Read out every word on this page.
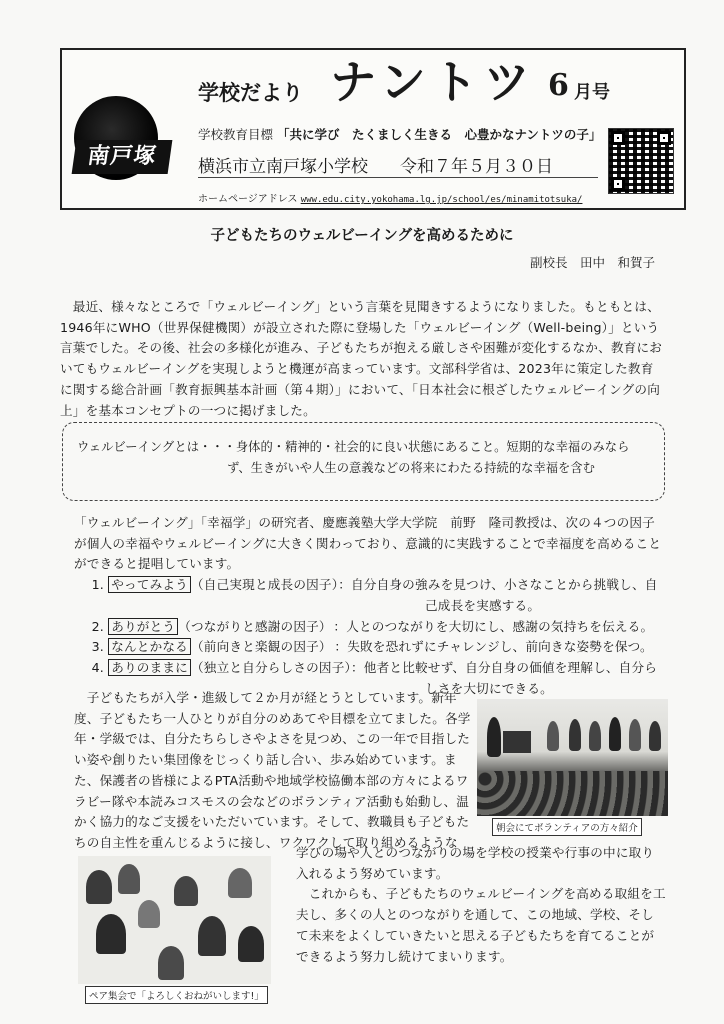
南戸塚
学校だより ナントツ 6 月号
学校教育目標 「共に学び　たくましく生きる　心豊かなナントツの子」
横浜市立南戸塚小学校 令和７年５月３０日
ホームページアドレス www.edu.city.yokohama.lg.jp/school/es/minamitotsuka/
子どもたちのウェルビーイングを高めるために
副校長　田中　和賀子
　最近、様々なところで「ウェルビーイング」という言葉を見聞きするようになりました。もともとは、1946年にWHO（世界保健機関）が設立された際に登場した「ウェルビーイング（Well-being）」という言葉でした。その後、社会の多様化が進み、子どもたちが抱える厳しさや困難が変化するなか、教育においてもウェルビーイングを実現しようと機運が高まっています。文部科学省は、2023年に策定した教育に関する総合計画「教育振興基本計画（第４期）」において、「日本社会に根ざしたウェルビーイングの向上」を基本コンセプトの一つに掲げました。
ウェルビーイングとは・・・身体的・精神的・社会的に良い状態にあること。短期的な幸福のみなら
ず、生きがいや人生の意義などの将来にわたる持続的な幸福を含む
「ウェルビーイング」「幸福学」の研究者、慶應義塾大学大学院　前野　隆司教授は、次の４つの因子が個人の幸福やウェルビーイングに大きく関わっており、意識的に実践することで幸福度を高めることができると提唱しています。
1. やってみよう （自己実現と成長の因子）：自分自身の強みを見つけ、小さなことから挑戦し、自
己成長を実感する。
2. ありがとう （つながりと感謝の因子） ：人とのつながりを大切にし、感謝の気持ちを伝える。
3. なんとかなる （前向きと楽観の因子） ：失敗を恐れずにチャレンジし、前向きな姿勢を保つ。
4. ありのままに （独立と自分らしさの因子）：他者と比較せず、自分自身の価値を理解し、自分ら
しさを大切にできる。
　子どもたちが入学・進級して２か月が経とうとしています。新年度、子どもたち一人ひとりが自分のめあてや目標を立てました。各学年・学級では、自分たちらしさやよさを見つめ、この一年で目指したい姿や創りたい集団像をじっくり話し合い、歩み始めています。また、保護者の皆様によるPTA活動や地域学校協働本部の方々によるワラビー隊や本読みコスモスの会などのボランティア活動も始動し、温かく協力的なご支援をいただいています。そして、教職員も子どもたちの自主性を重んじるように接し、ワクワクして取り組めるような
学びの場や人とのつながりの場を学校の授業や行事の中に取り入れるよう努めています。
　これからも、子どもたちのウェルビーイングを高める取組を工夫し、多くの人とのつながりを通して、この地域、学校、そして未来をよくしていきたいと思える子どもたちを育てることができるよう努力し続けてまいります。
朝会にてボランティアの方々紹介
ペア集会で「よろしくおねがいします!」
